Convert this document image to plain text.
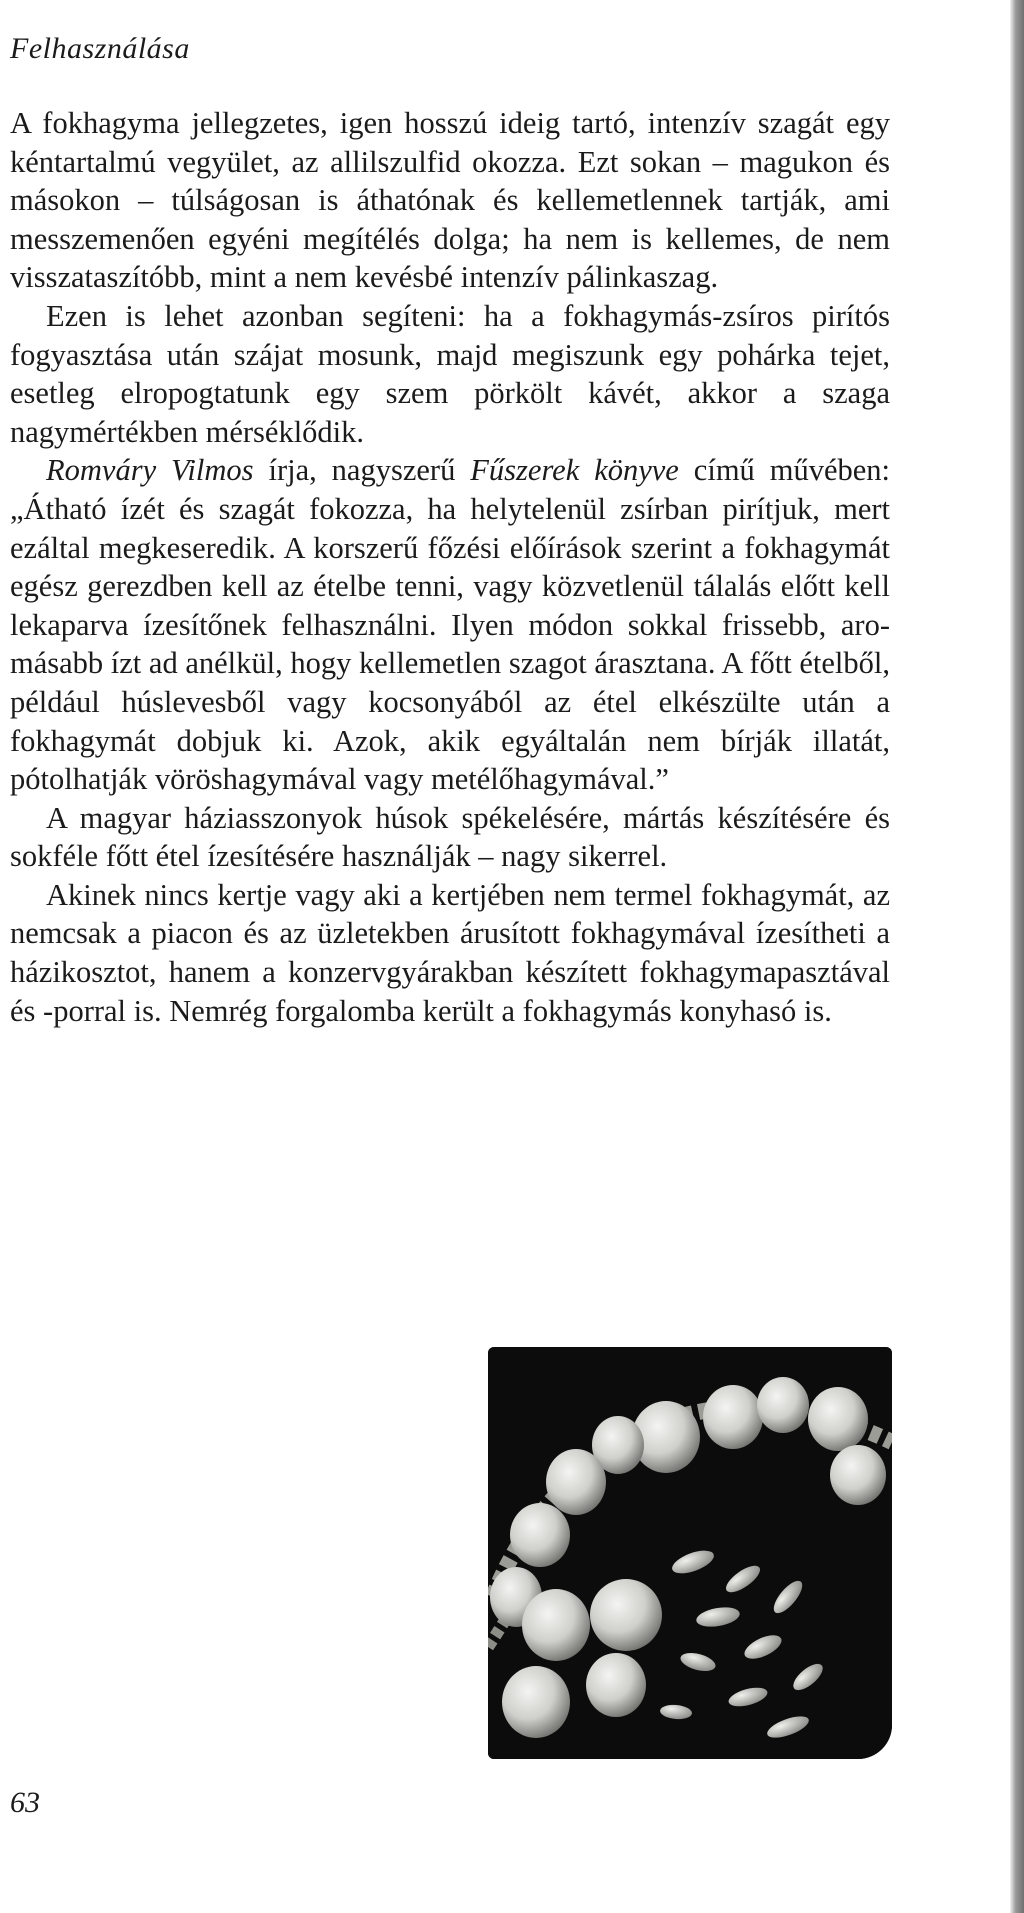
Felhasználása

A fokhagyma jellegzetes, igen hosszú ideig tartó, intenzív szagát egy kéntartalmú vegyület, az allilszulfid okozza. Ezt sokan – magukon és másokon – túlságosan is áthatónak és kellemetlennek tartják, ami messzemenően egyéni megítélés dolga; ha nem is kellemes, de nem visszataszítóbb, mint a nem kevésbé intenzív pálinkaszag.

Ezen is lehet azonban segíteni: ha a fokhagymás-zsíros pirítós fogyasztása után szájat mosunk, majd megiszunk egy pohárka tejet, esetleg elropogtatunk egy szem pörkölt kávét, akkor a szaga nagymértékben mérséklődik.

Romváry Vilmos írja, nagyszerű Fűszerek könyve című művében: „Átható ízét és szagát fokozza, ha helytelenül zsírban pirítjuk, mert ezáltal megkeseredik. A korszerű főzési előírások szerint a fokhagymát egész gerezdben kell az ételbe tenni, vagy közvetlenül tálalás előtt kell lekaparva ízesítőnek felhasználni. Ilyen módon sokkal frissebb, aromásabb ízt ad anélkül, hogy kellemetlen szagot árasztana. A főtt ételből, például húslevesből vagy kocsonyából az étel elkészülte után a fokhagymát dobjuk ki. Azok, akik egyáltalán nem bírják illatát, pótolhatják vöröshagymával vagy metélőhagymával.”

A magyar háziasszonyok húsok spékelésére, mártás készítésére és sokféle főtt étel ízesítésére használják – nagy sikerrel.

Akinek nincs kertje vagy aki a kertjében nem termel fokhagymát, az nemcsak a piacon és az üzletekben árusított fokhagymával ízesítheti a házikosztot, hanem a konzervgyárakban készített fokhagymapasztával és -porral is. Nemrég forgalomba került a fokhagymás konyhasó is.

63
